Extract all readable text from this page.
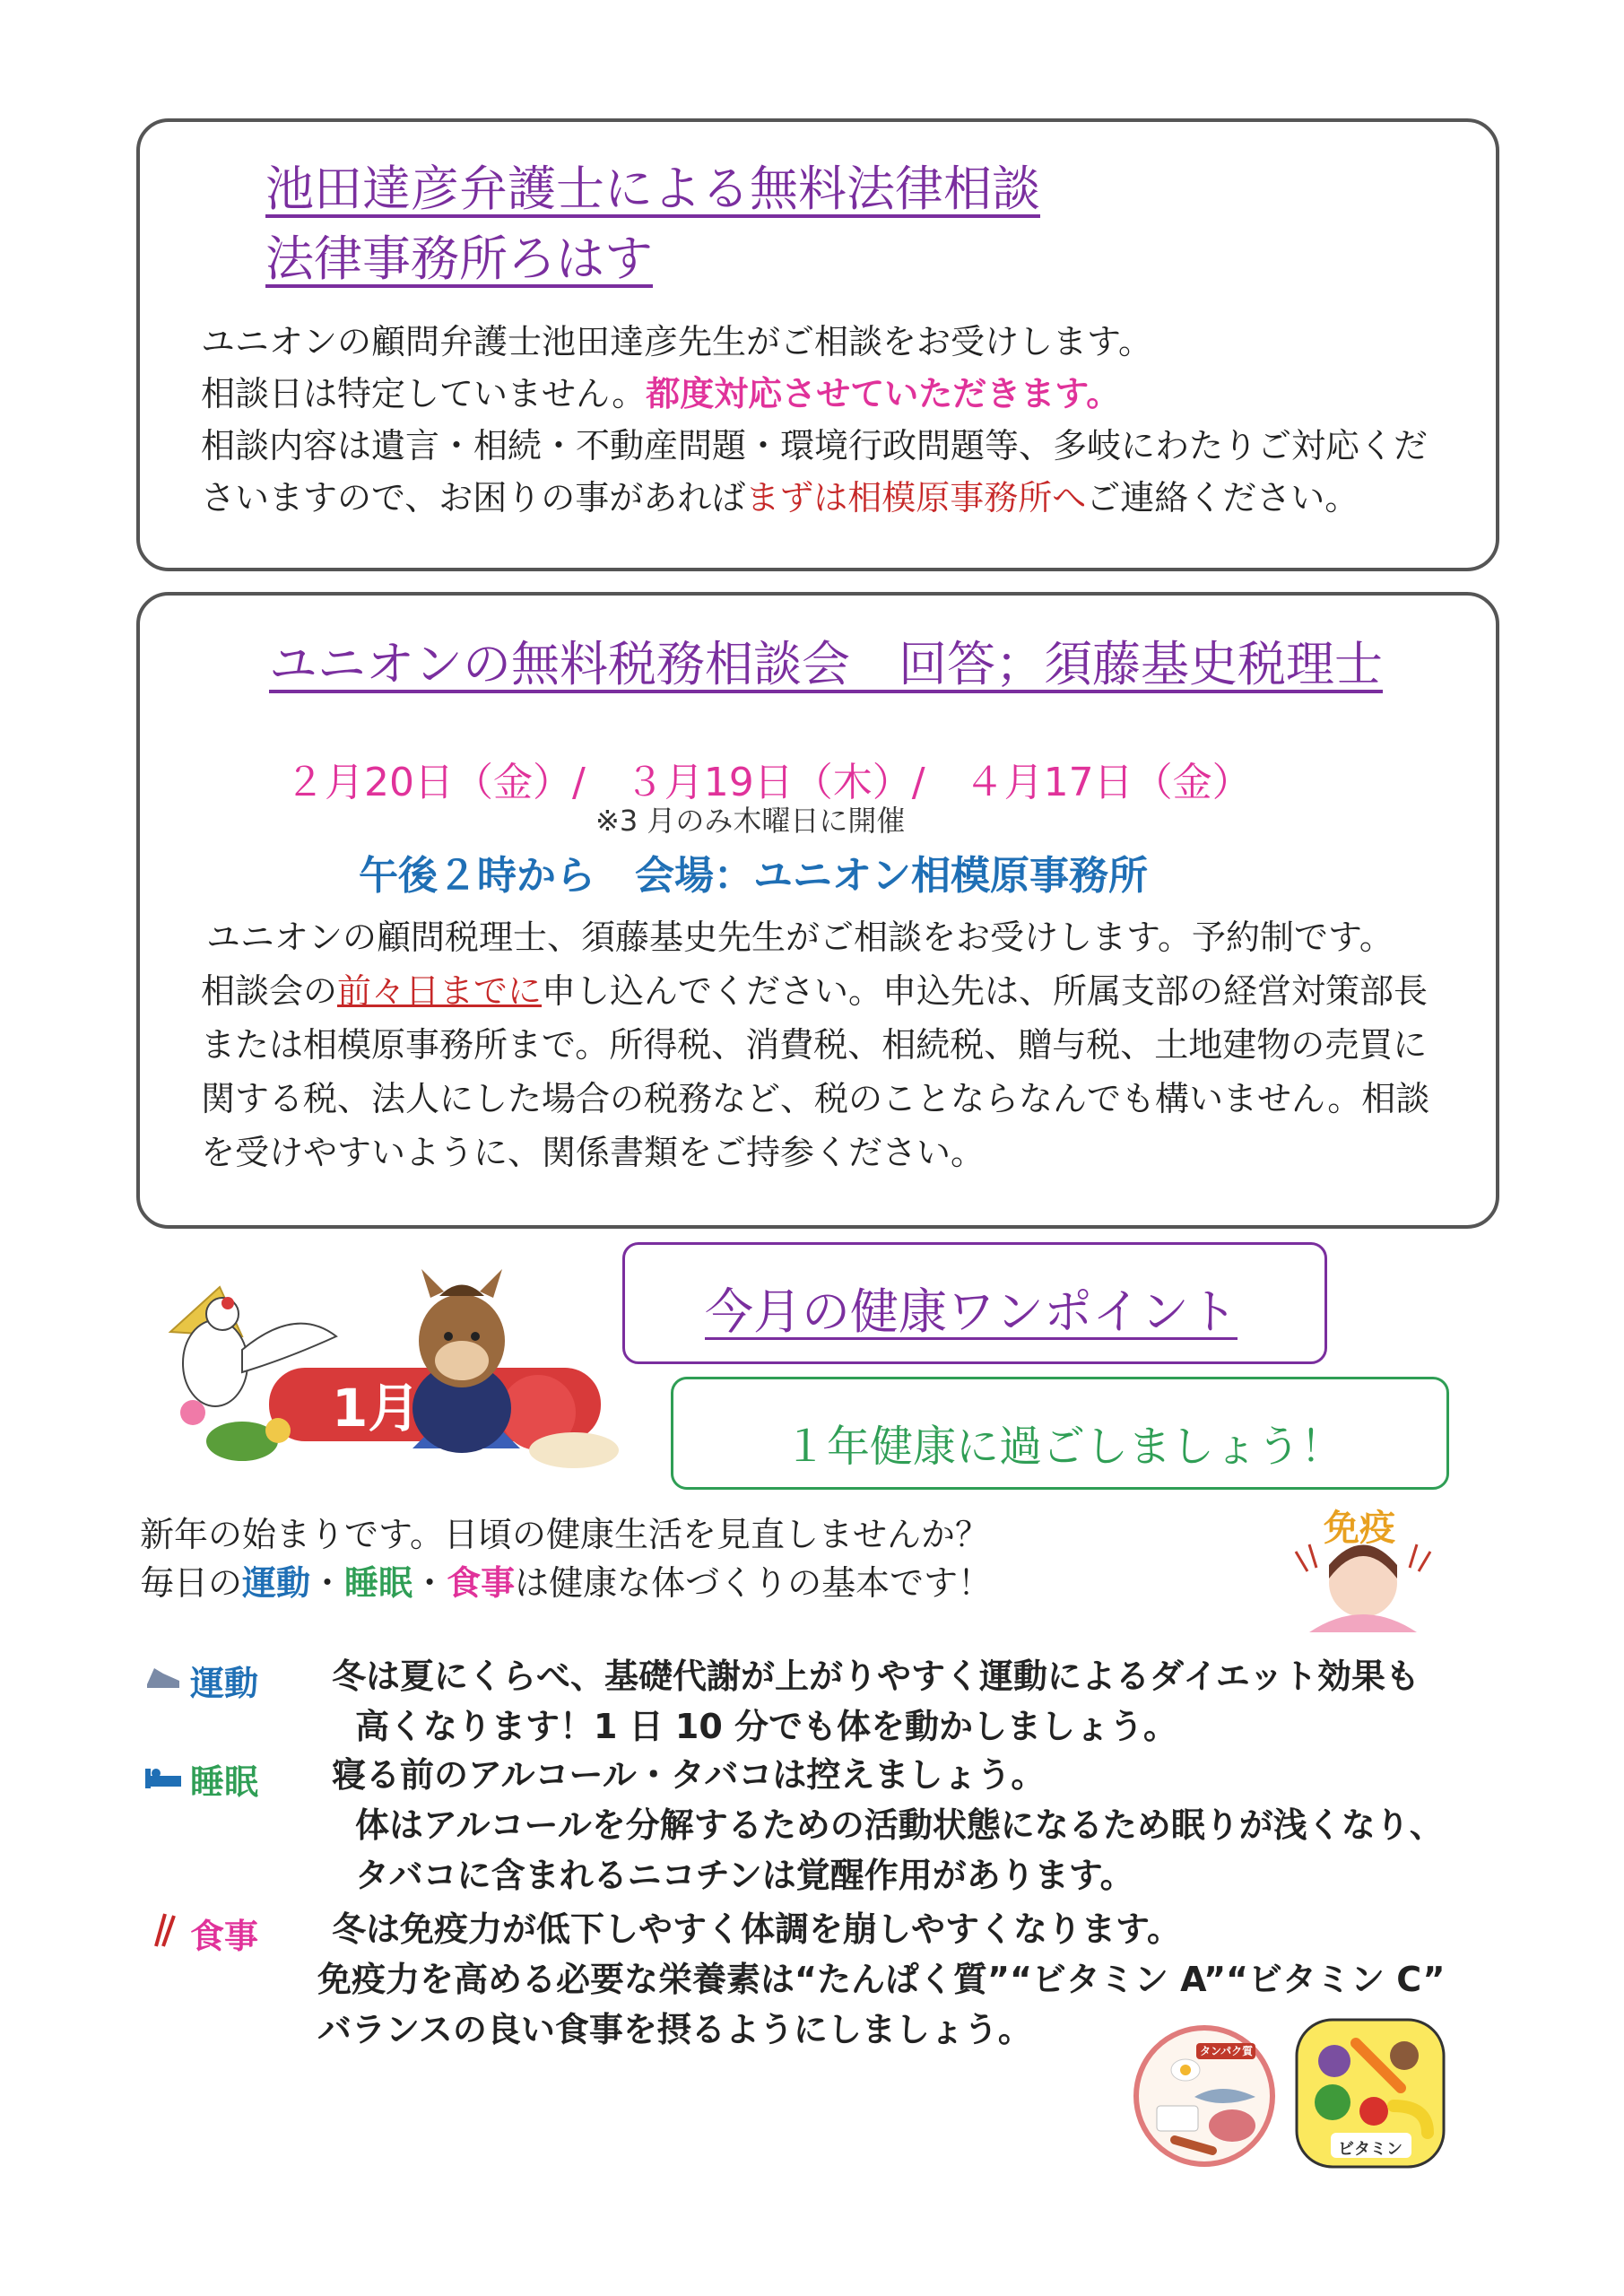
池田達彦弁護士による無料法律相談
法律事務所ろはす
ユニオンの顧問弁護士池田達彦先生がご相談をお受けします。
相談日は特定していません。都度対応させていただきます。
相談内容は遺言・相続・不動産問題・環境行政問題等、多岐にわたりご対応くだ
さいますので、お困りの事があればまずは相模原事務所へご連絡ください。
ユニオンの無料税務相談会　回答；須藤基史税理士
２月20日（金）/　３月19日（木）/　４月17日（金）
※3 月のみ木曜日に開催
午後２時から　会場：ユニオン相模原事務所
ユニオンの顧問税理士、須藤基史先生がご相談をお受けします。予約制です。
相談会の前々日までに申し込んでください。申込先は、所属支部の経営対策部長
または相模原事務所まで。所得税、消費税、相続税、贈与税、土地建物の売買に
関する税、法人にした場合の税務など、税のことならなんでも構いません。相談
を受けやすいように、関係書類をご持参ください。
1月
今月の健康ワンポイント
１年健康に過ごしましょう！
免疫
新年の始まりです。日頃の健康生活を見直しませんか？
毎日の運動・睡眠・食事は健康な体づくりの基本です！
運動 冬は夏にくらべ、基礎代謝が上がりやすく運動によるダイエット効果も
高くなります！1 日 10 分でも体を動かしましょう。
睡眠 寝る前のアルコール・タバコは控えましょう。
体はアルコールを分解するための活動状態になるため眠りが浅くなり、
タバコに含まれるニコチンは覚醒作用があります。
食事 冬は免疫力が低下しやすく体調を崩しやすくなります。
免疫力を高める必要な栄養素は“たんぱく質”“ビタミン A”“ビタミン C”
バランスの良い食事を摂るようにしましょう。
タンパク質
ビタミン
